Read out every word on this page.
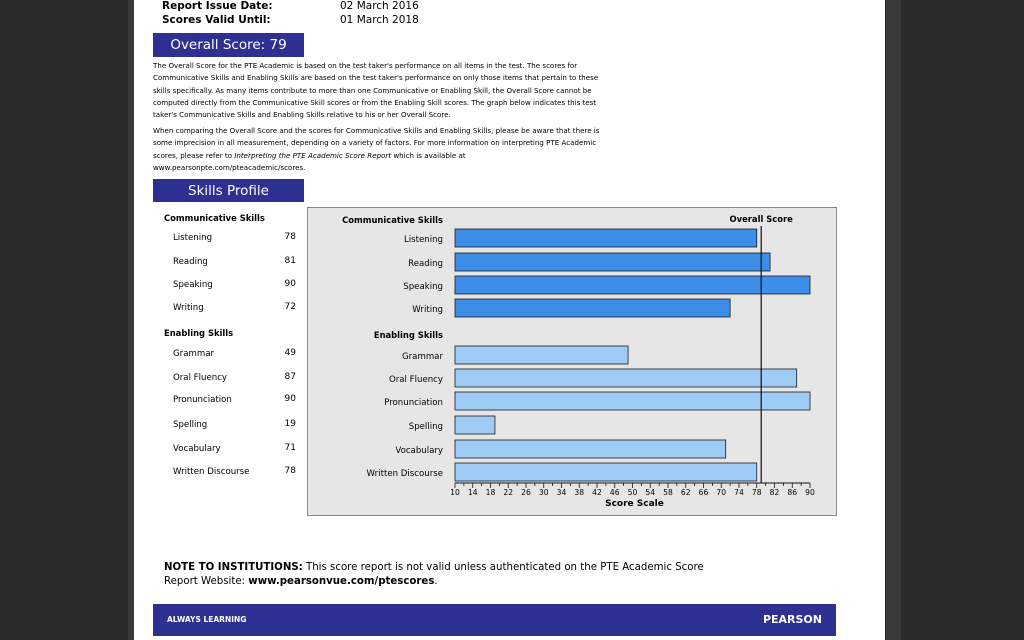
Report Issue Date:	02 March 2016
Scores Valid Until:	01 March 2018
Overall Score: 79
The Overall Score for the PTE Academic is based on the test taker's performance on all items in the test. The scores for
Communicative Skills and Enabling Skills are based on the test taker's performance on only those items that pertain to these
skills specifically. As many items contribute to more than one Communicative or Enabling Skill, the Overall Score cannot be
computed directly from the Communicative Skill scores or from the Enabling Skill scores. The graph below indicates this test
taker's Communicative Skills and Enabling Skills relative to his or her Overall Score.
When comparing the Overall Score and the scores for Communicative Skills and Enabling Skills, please be aware that there is
some imprecision in all measurement, depending on a variety of factors. For more information on interpreting PTE Academic
scores, please refer to Interpreting the PTE Academic Score Report which is available at
www.pearsonpte.com/pteacademic/scores.
Skills Profile
Communicative Skills
Listening	78
Reading	81
Speaking	90
Writing	72
Enabling Skills
Grammar	49
Oral Fluency	87
Pronunciation	90
Spelling	19
Vocabulary	71
Written Discourse	78
Communicative Skills
Enabling Skills
Overall Score
Listening
Reading
Speaking
Writing
Grammar
Oral Fluency
Pronunciation
Spelling
Vocabulary
Written Discourse
10 14 18 22 26 30 34 38 42 46 50 54 58 62 66 70 74 78 82 86 90
Score Scale
NOTE TO INSTITUTIONS: This score report is not valid unless authenticated on the PTE Academic Score
Report Website: www.pearsonvue.com/ptescores.
ALWAYS LEARNING	PEARSON
